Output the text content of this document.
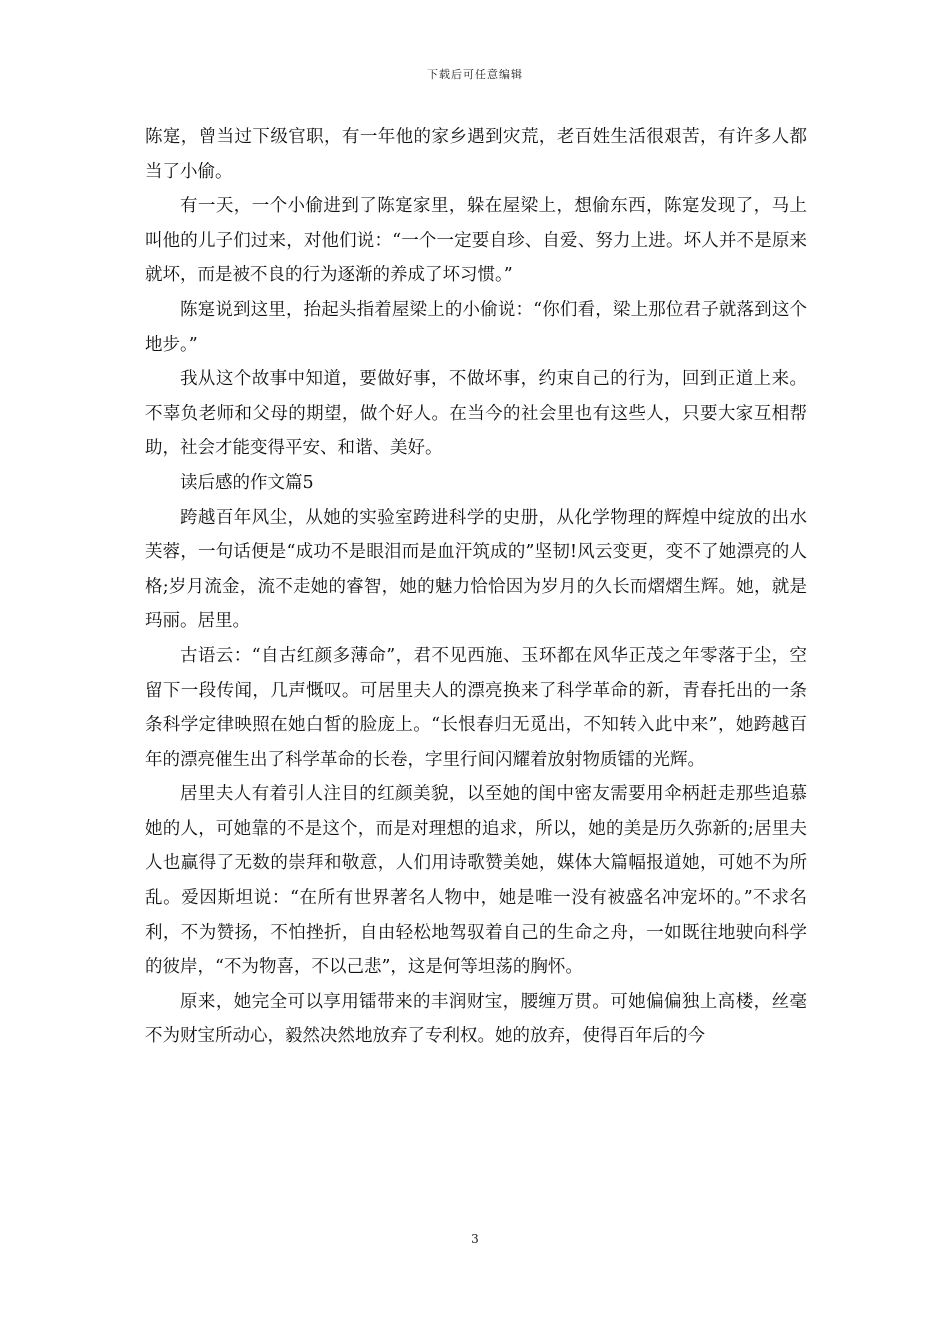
下载后可任意编辑

陈寔，曾当过下级官职，有一年他的家乡遇到灾荒，老百姓生活很艰苦，有许多人都当了小偷。

有一天，一个小偷进到了陈寔家里，躲在屋梁上，想偷东西，陈寔发现了，马上叫他的儿子们过来，对他们说：“一个一定要自珍、自爱、努力上进。坏人并不是原来就坏，而是被不良的行为逐渐的养成了坏习惯。”

陈寔说到这里，抬起头指着屋梁上的小偷说：“你们看，梁上那位君子就落到这个地步。”

我从这个故事中知道，要做好事，不做坏事，约束自己的行为，回到正道上来。不辜负老师和父母的期望，做个好人。在当今的社会里也有这些人，只要大家互相帮助，社会才能变得平安、和谐、美好。

读后感的作文篇5

跨越百年风尘，从她的实验室跨进科学的史册，从化学物理的辉煌中绽放的出水芙蓉，一句话便是“成功不是眼泪而是血汗筑成的”坚韧!风云变更，变不了她漂亮的人格;岁月流金，流不走她的睿智，她的魅力恰恰因为岁月的久长而熠熠生辉。她，就是玛丽。居里。

古语云：“自古红颜多薄命”，君不见西施、玉环都在风华正茂之年零落于尘，空留下一段传闻，几声慨叹。可居里夫人的漂亮换来了科学革命的新，青春托出的一条条科学定律映照在她白皙的脸庞上。“长恨春归无觅出，不知转入此中来”，她跨越百年的漂亮催生出了科学革命的长卷，字里行间闪耀着放射物质镭的光辉。

居里夫人有着引人注目的红颜美貌，以至她的闺中密友需要用伞柄赶走那些追慕她的人，可她靠的不是这个，而是对理想的追求，所以，她的美是历久弥新的;居里夫人也赢得了无数的崇拜和敬意，人们用诗歌赞美她，媒体大篇幅报道她，可她不为所乱。爱因斯坦说：“在所有世界著名人物中，她是唯一没有被盛名冲宠坏的。”不求名利，不为赞扬，不怕挫折，自由轻松地驾驭着自己的生命之舟，一如既往地驶向科学的彼岸，“不为物喜，不以己悲”，这是何等坦荡的胸怀。

原来，她完全可以享用镭带来的丰润财宝，腰缠万贯。可她偏偏独上高楼，丝毫不为财宝所动心，毅然决然地放弃了专利权。她的放弃，使得百年后的今

3
